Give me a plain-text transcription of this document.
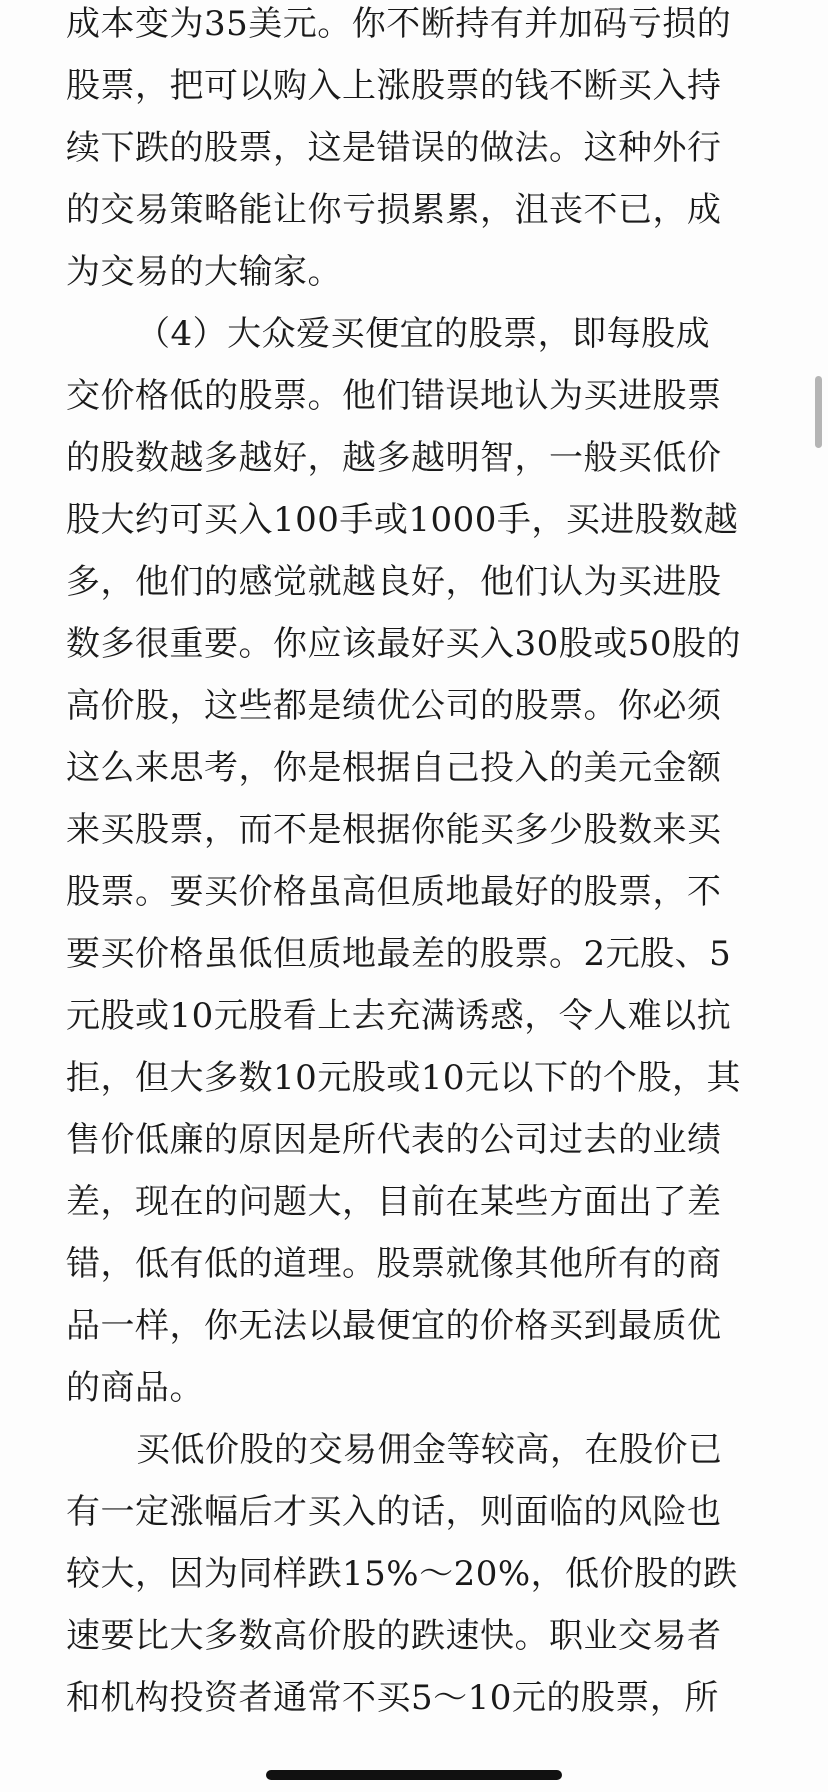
成本变为35美元。你不断持有并加码亏损的
股票，把可以购入上涨股票的钱不断买入持
续下跌的股票，这是错误的做法。这种外行
的交易策略能让你亏损累累，沮丧不已，成
为交易的大输家。
（4）大众爱买便宜的股票，即每股成
交价格低的股票。他们错误地认为买进股票
的股数越多越好，越多越明智，一般买低价
股大约可买入100手或1000手，买进股数越
多，他们的感觉就越良好，他们认为买进股
数多很重要。你应该最好买入30股或50股的
高价股，这些都是绩优公司的股票。你必须
这么来思考，你是根据自己投入的美元金额
来买股票，而不是根据你能买多少股数来买
股票。要买价格虽高但质地最好的股票，不
要买价格虽低但质地最差的股票。2元股、5
元股或10元股看上去充满诱惑，令人难以抗
拒，但大多数10元股或10元以下的个股，其
售价低廉的原因是所代表的公司过去的业绩
差，现在的问题大，目前在某些方面出了差
错，低有低的道理。股票就像其他所有的商
品一样，你无法以最便宜的价格买到最质优
的商品。
买低价股的交易佣金等较高，在股价已
有一定涨幅后才买入的话，则面临的风险也
较大，因为同样跌15%～20%，低价股的跌
速要比大多数高价股的跌速快。职业交易者
和机构投资者通常不买5～10元的股票，所
